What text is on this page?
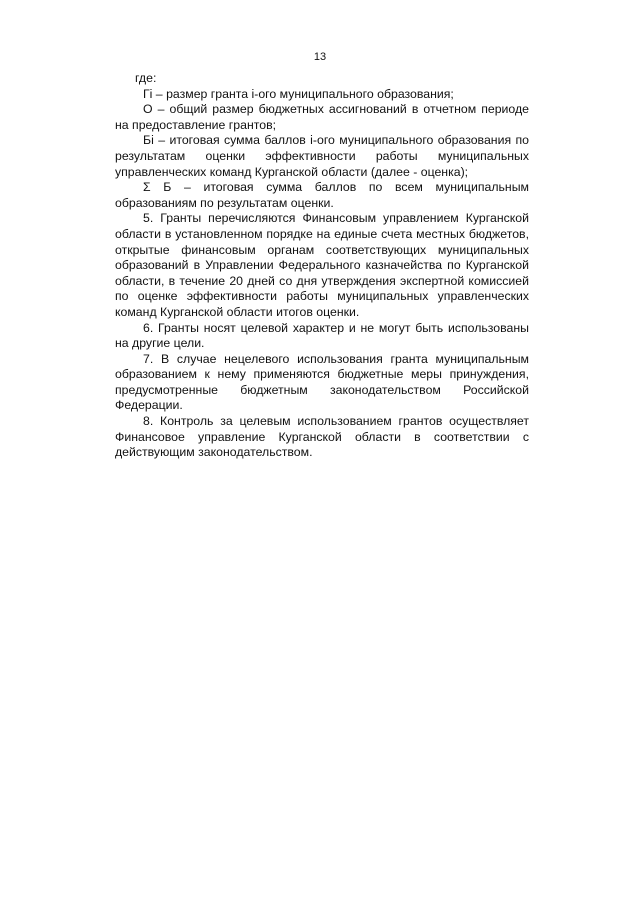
13

где:

Гi – размер гранта i-ого муниципального образования;

О – общий размер бюджетных ассигнований в отчетном периоде на предоставление грантов;

Бi – итоговая сумма баллов i-ого муниципального образования по результатам оценки эффективности работы муниципальных управленческих команд Курганской области (далее - оценка);

Σ Б – итоговая сумма баллов по всем муниципальным образованиям по результатам оценки.

5. Гранты перечисляются Финансовым управлением Курганской области в установленном порядке на единые счета местных бюджетов, открытые финансовым органам соответствующих муниципальных образований в Управлении Федерального казначейства по Курганской области, в течение 20 дней со дня утверждения экспертной комиссией по оценке эффективности работы муниципальных управленческих команд Курганской области итогов оценки.

6. Гранты носят целевой характер и не могут быть использованы на другие цели.

7. В случае нецелевого использования гранта муниципальным образованием к нему применяются бюджетные меры принуждения, предусмотренные бюджетным законодательством Российской Федерации.

8. Контроль за целевым использованием грантов осуществляет Финансовое управление Курганской области в соответствии с действующим законодательством.
